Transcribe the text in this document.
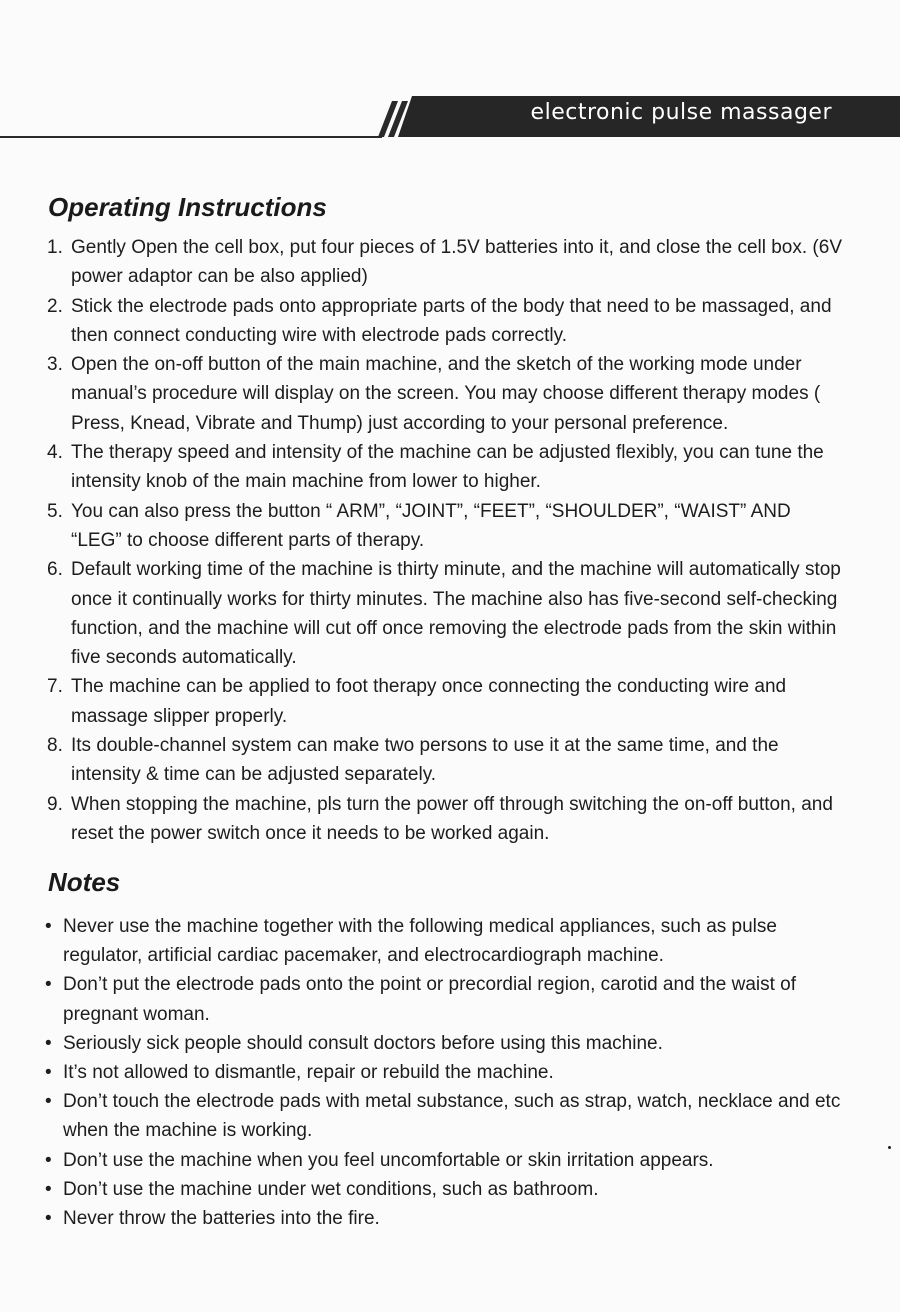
electronic pulse massager
Operating Instructions
1. Gently Open the cell box, put four pieces of 1.5V batteries into it, and close the cell box. (6V power adaptor can be also applied)
2. Stick the electrode pads onto appropriate parts of the body that need to be massaged, and then connect conducting wire with electrode pads correctly.
3. Open the on-off button of the main machine, and the sketch of the working mode under manual’s procedure will display on the screen. You may choose different therapy modes ( Press, Knead, Vibrate and Thump) just according to your personal preference.
4. The therapy speed and intensity of the machine can be adjusted flexibly, you can tune the intensity knob of the main machine from lower to higher.
5. You can also press the button “ ARM”, “JOINT”, “FEET”, “SHOULDER”, “WAIST” AND “LEG” to choose different parts of therapy.
6. Default working time of the machine is thirty minute, and the machine will automatically stop once it continually works for thirty minutes. The machine also has five-second self-checking function, and the machine will cut off once removing the electrode pads from the skin within five seconds automatically.
7. The machine can be applied to foot therapy once connecting the conducting wire and massage slipper properly.
8. Its double-channel system can make two persons to use it at the same time, and the intensity & time can be adjusted separately.
9. When stopping the machine, pls turn the power off through switching the on-off button, and reset the power switch once it needs to be worked again.
Notes
• Never use the machine together with the following medical appliances, such as pulse regulator, artificial cardiac pacemaker, and electrocardiograph machine.
• Don’t put the electrode pads onto the point or precordial region, carotid and the waist of pregnant woman.
• Seriously sick people should consult doctors before using this machine.
• It’s not allowed to dismantle, repair or rebuild the machine.
• Don’t touch the electrode pads with metal substance, such as strap, watch, necklace and etc when the machine is working.
• Don’t use the machine when you feel uncomfortable or skin irritation appears.
• Don’t use the machine under wet conditions, such as bathroom.
• Never throw the batteries into the fire.
